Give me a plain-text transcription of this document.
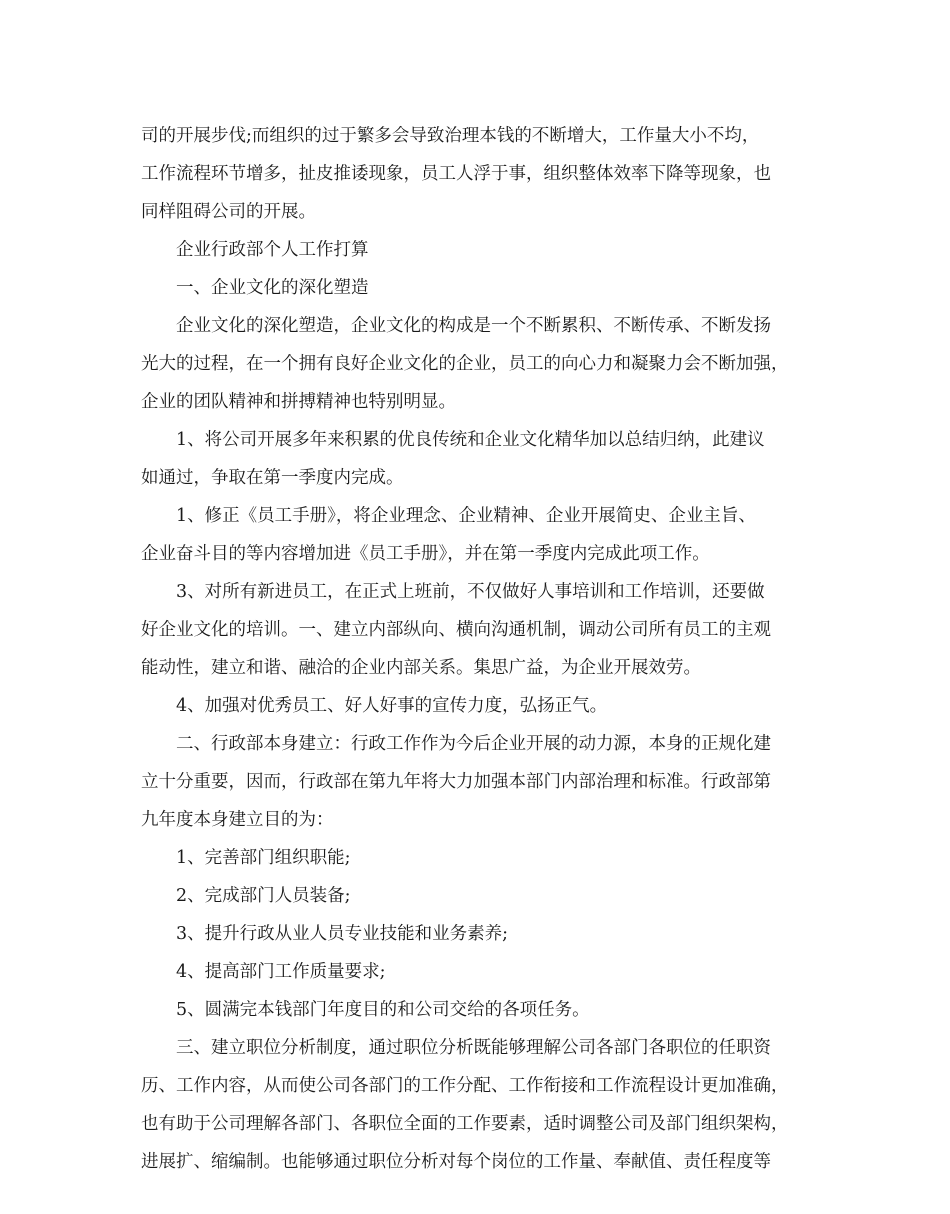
司的开展步伐;而组织的过于繁多会导致治理本钱的不断增大，工作量大小不均，
工作流程环节增多，扯皮推诿现象，员工人浮于事，组织整体效率下降等现象，也
同样阻碍公司的开展。
企业行政部个人工作打算
一、企业文化的深化塑造
企业文化的深化塑造，企业文化的构成是一个不断累积、不断传承、不断发扬
光大的过程，在一个拥有良好企业文化的企业，员工的向心力和凝聚力会不断加强，
企业的团队精神和拼搏精神也特别明显。
1、将公司开展多年来积累的优良传统和企业文化精华加以总结归纳，此建议
如通过，争取在第一季度内完成。
1、修正《员工手册》，将企业理念、企业精神、企业开展简史、企业主旨、
企业奋斗目的等内容增加进《员工手册》，并在第一季度内完成此项工作。
3、对所有新进员工，在正式上班前，不仅做好人事培训和工作培训，还要做
好企业文化的培训。一、建立内部纵向、横向沟通机制，调动公司所有员工的主观
能动性，建立和谐、融洽的企业内部关系。集思广益，为企业开展效劳。
4、加强对优秀员工、好人好事的宣传力度，弘扬正气。
二、行政部本身建立：行政工作作为今后企业开展的动力源，本身的正规化建
立十分重要，因而，行政部在第九年将大力加强本部门内部治理和标准。行政部第
九年度本身建立目的为：
1、完善部门组织职能;
2、完成部门人员装备;
3、提升行政从业人员专业技能和业务素养;
4、提高部门工作质量要求;
5、圆满完本钱部门年度目的和公司交给的各项任务。
三、建立职位分析制度，通过职位分析既能够理解公司各部门各职位的任职资
历、工作内容，从而使公司各部门的工作分配、工作衔接和工作流程设计更加准确，
也有助于公司理解各部门、各职位全面的工作要素，适时调整公司及部门组织架构，
进展扩、缩编制。也能够通过职位分析对每个岗位的工作量、奉献值、责任程度等
